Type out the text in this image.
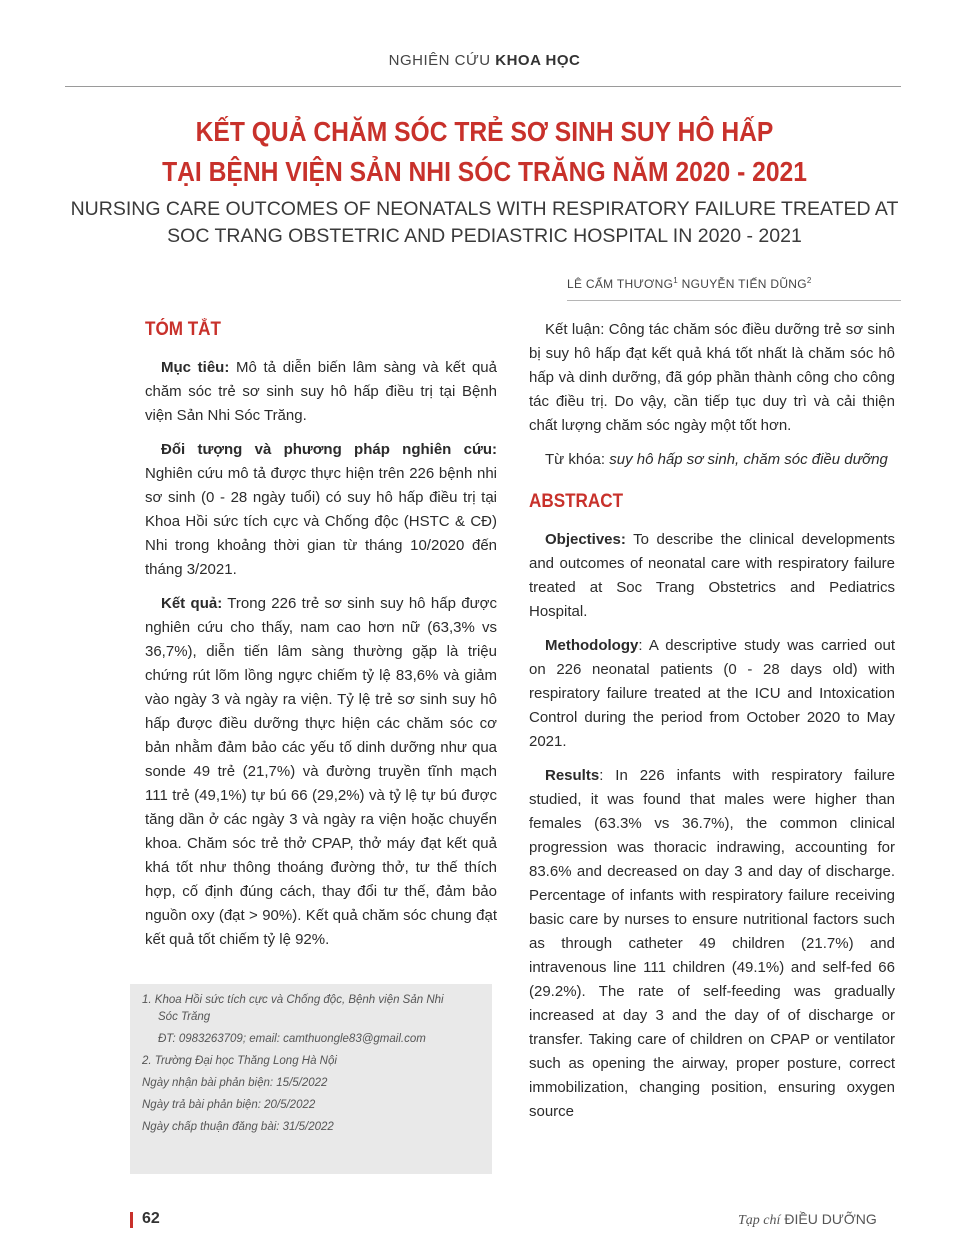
NGHIÊN CỨU KHOA HỌC
KẾT QUẢ CHĂM SÓC TRẺ SƠ SINH SUY HÔ HẤP
TẠI BỆNH VIỆN SẢN NHI SÓC TRĂNG NĂM 2020 - 2021
NURSING CARE OUTCOMES OF NEONATALS WITH RESPIRATORY FAILURE TREATED AT
SOC TRANG OBSTETRIC AND PEDIASTRIC HOSPITAL IN 2020 - 2021
LÊ CẨM THƯƠNG$^1$ NGUYỄN TIẾN DŨNG$^2$
TÓM TẮT

Mục tiêu: Mô tả diễn biến lâm sàng và kết quả chăm sóc trẻ sơ sinh suy hô hấp điều trị tại Bệnh viện Sản Nhi Sóc Trăng.

Đối tượng và phương pháp nghiên cứu: Nghiên cứu mô tả được thực hiện trên 226 bệnh nhi sơ sinh (0 - 28 ngày tuổi) có suy hô hấp điều trị tại Khoa Hồi sức tích cực và Chống độc (HSTC & CĐ) Nhi trong khoảng thời gian từ tháng 10/2020 đến tháng 3/2021.

Kết quả: Trong 226 trẻ sơ sinh suy hô hấp được nghiên cứu cho thấy, nam cao hơn nữ (63,3% vs 36,7%), diễn tiến lâm sàng thường gặp là triệu chứng rút lõm lồng ngực chiếm tỷ lệ 83,6% và giảm vào ngày 3 và ngày ra viện. Tỷ lệ trẻ sơ sinh suy hô hấp được điều dưỡng thực hiện các chăm sóc cơ bản nhằm đảm bảo các yếu tố dinh dưỡng như qua sonde 49 trẻ (21,7%) và đường truyền tĩnh mạch 111 trẻ (49,1%) tự bú 66 (29,2%) và tỷ lệ tự bú được tăng dần ở các ngày 3 và ngày ra viện hoặc chuyển khoa. Chăm sóc trẻ thở CPAP, thở máy đạt kết quả khá tốt như thông thoáng đường thở, tư thế thích hợp, cố định đúng cách, thay đổi tư thế, đảm bảo nguồn oxy (đạt > 90%). Kết quả chăm sóc chung đạt kết quả tốt chiếm tỷ lệ 92%.

1. Khoa Hồi sức tích cực và Chống độc, Bệnh viện Sản Nhi
Sóc Trăng
ĐT: 0983263709; email: camthuongle83@gmail.com
2. Trường Đại học Thăng Long Hà Nội
Ngày nhận bài phản biện: 15/5/2022
Ngày trả bài phản biện: 20/5/2022
Ngày chấp thuận đăng bài: 31/5/2022

Kết luận: Công tác chăm sóc điều dưỡng trẻ sơ sinh bị suy hô hấp đạt kết quả khá tốt nhất là chăm sóc hô hấp và dinh dưỡng, đã góp phần thành công cho công tác điều trị. Do vậy, cần tiếp tục duy trì và cải thiện chất lượng chăm sóc ngày một tốt hơn.

Từ khóa: suy hô hấp sơ sinh, chăm sóc điều dưỡng

ABSTRACT

Objectives: To describe the clinical developments and outcomes of neonatal care with respiratory failure treated at Soc Trang Obstetrics and Pediatrics Hospital.

Methodology: A descriptive study was carried out on 226 neonatal patients (0 - 28 days old) with respiratory failure treated at the ICU and Intoxication Control during the period from October 2020 to May 2021.

Results: In 226 infants with respiratory failure studied, it was found that males were higher than females (63.3% vs 36.7%), the common clinical progression was thoracic indrawing, accounting for 83.6% and decreased on day 3 and day of discharge. Percentage of infants with respiratory failure receiving basic care by nurses to ensure nutritional factors such as through catheter 49 children (21.7%) and intravenous line 111 children (49.1%) and self-fed 66 (29.2%). The rate of self-feeding was gradually increased at day 3 and the day of of discharge or transfer. Taking care of children on CPAP or ventilator such as opening the airway, proper posture, correct immobilization, changing position, ensuring oxygen source

62	Tạp chí ĐIỀU DƯỠNG
